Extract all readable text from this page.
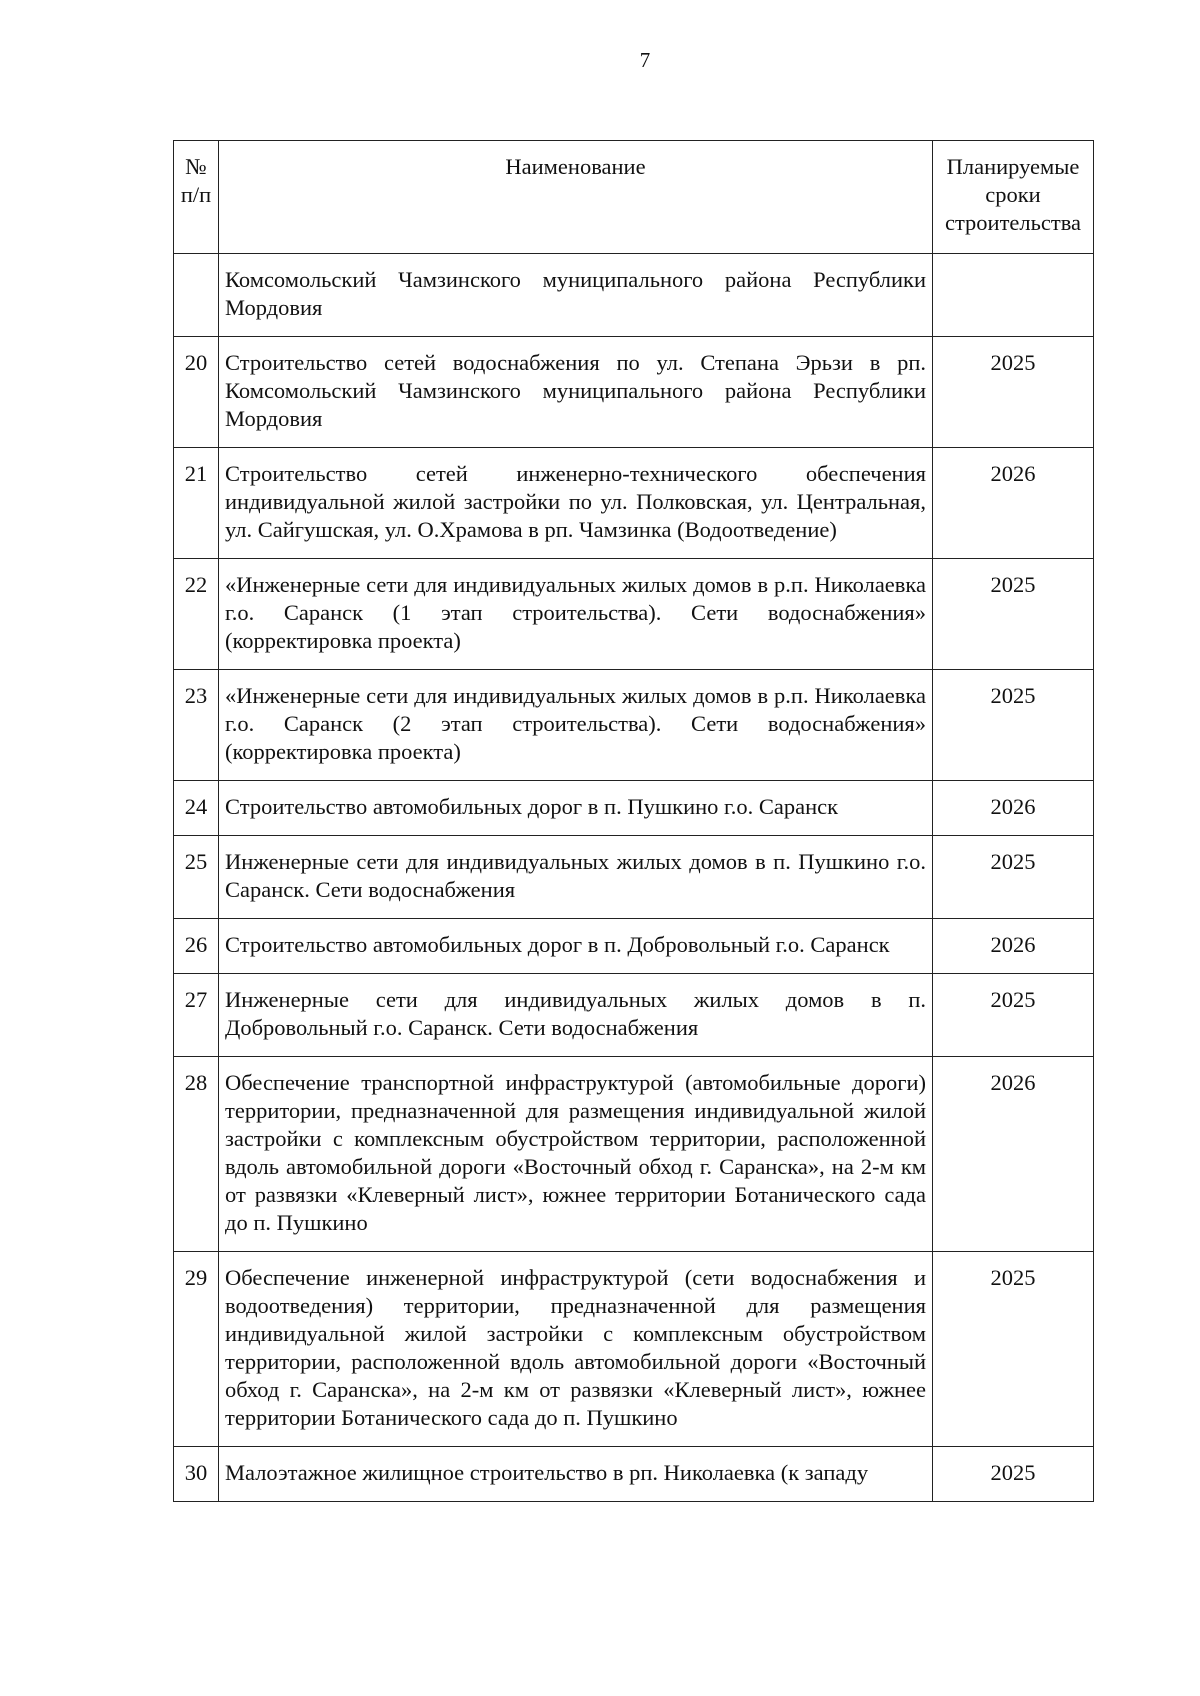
7
№ п/п	Наименование	Планируемые сроки строительства
	Комсомольский Чамзинского муниципального района Республики Мордовия	
20	Строительство сетей водоснабжения по ул. Степана Эрьзи в рп. Комсомольский Чамзинского муниципального района Республики Мордовия	2025
21	Строительство сетей инженерно-технического обеспечения индивидуальной жилой застройки по ул. Полковская, ул. Центральная, ул. Сайгушская, ул. О.Храмова в рп. Чамзинка (Водоотведение)	2026
22	«Инженерные сети для индивидуальных жилых домов в р.п. Николаевка г.о. Саранск (1 этап строительства). Сети водоснабжения» (корректировка проекта)	2025
23	«Инженерные сети для индивидуальных жилых домов в р.п. Николаевка г.о. Саранск (2 этап строительства). Сети водоснабжения» (корректировка проекта)	2025
24	Строительство автомобильных дорог в п. Пушкино г.о. Саранск	2026
25	Инженерные сети для индивидуальных жилых домов в п. Пушкино г.о. Саранск. Сети водоснабжения	2025
26	Строительство автомобильных дорог в п. Добровольный г.о. Саранск	2026
27	Инженерные сети для индивидуальных жилых домов в п. Добровольный г.о. Саранск. Сети водоснабжения	2025
28	Обеспечение транспортной инфраструктурой (автомобильные дороги) территории, предназначенной для размещения индивидуальной жилой застройки с комплексным обустройством территории, расположенной вдоль автомобильной дороги «Восточный обход г. Саранска», на 2-м км от развязки «Клеверный лист», южнее территории Ботанического сада до п. Пушкино	2026
29	Обеспечение инженерной инфраструктурой (сети водоснабжения и водоотведения) территории, предназначенной для размещения индивидуальной жилой застройки с комплексным обустройством территории, расположенной вдоль автомобильной дороги «Восточный обход г. Саранска», на 2-м км от развязки «Клеверный лист», южнее территории Ботанического сада до п. Пушкино	2025
30	Малоэтажное жилищное строительство в рп. Николаевка (к западу	2025
